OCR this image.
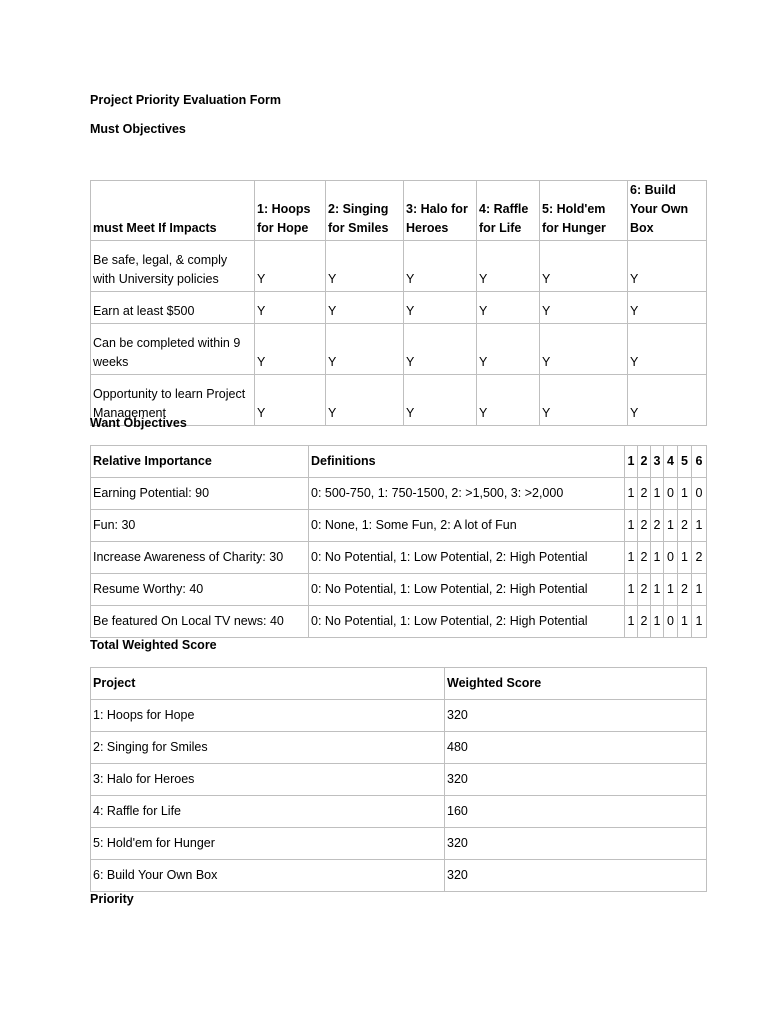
Project Priority Evaluation Form
Must Objectives
must Meet If Impacts	1: Hoops for Hope	2: Singing for Smiles	3: Halo for Heroes	4: Raffle for Life	5: Hold'em for Hunger	6: Build Your Own Box
Be safe, legal, & comply with University policies	Y	Y	Y	Y	Y	Y
Earn at least $500	Y	Y	Y	Y	Y	Y
Can be completed within 9 weeks	Y	Y	Y	Y	Y	Y
Opportunity to learn Project Management	Y	Y	Y	Y	Y	Y
Want Objectives
Relative Importance	Definitions	1	2	3	4	5	6
Earning Potential: 90	0: 500-750, 1: 750-1500, 2: >1,500, 3: >2,000	1	2	1	0	1	0
Fun: 30	0: None, 1: Some Fun, 2: A lot of Fun	1	2	2	1	2	1
Increase Awareness of Charity: 30	0: No Potential, 1: Low Potential, 2: High Potential	1	2	1	0	1	2
Resume Worthy: 40	0: No Potential, 1: Low Potential, 2: High Potential	1	2	1	1	2	1
Be featured On Local TV news: 40	0: No Potential, 1: Low Potential, 2: High Potential	1	2	1	0	1	1
Total Weighted Score
Project	Weighted Score
1: Hoops for Hope	320
2: Singing for Smiles	480
3: Halo for Heroes	320
4: Raffle for Life	160
5: Hold'em for Hunger	320
6: Build Your Own Box	320
Priority
